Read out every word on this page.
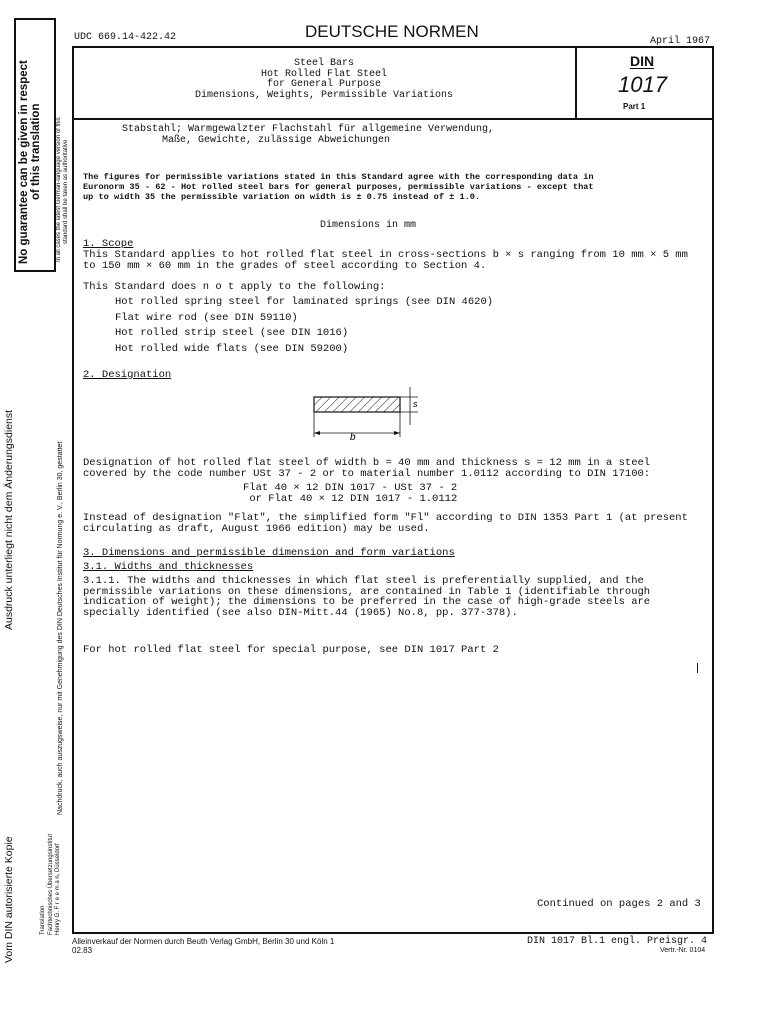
UDC 669.14-422.42	DEUTSCHE NORMEN
April 1967
Steel Bars
Hot Rolled Flat Steel
for General Purpose
Dimensions, Weights, Permissible Variations
DIN
1017
Part 1
Stabstahl; Warmgewalzter Flachstahl für allgemeine Verwendung,
Maße, Gewichte, zulässige Abweichungen
The figures for permissible variations stated in this Standard agree with the corresponding data in
Euronorm 35 - 62 - Hot rolled steel bars for general purposes, permissible variations - except that
up to width 35 the permissible variation on width is ± 0.75 instead of ± 1.0.
Dimensions in mm
1. Scope
This Standard applies to hot rolled flat steel in cross-sections b × s ranging from 10 mm × 5 mm
to 150 mm × 60 mm in the grades of steel according to Section 4.
This Standard does n o t apply to the following:
Hot rolled spring steel for laminated springs (see DIN 4620)
Flat wire rod (see DIN 59110)
Hot rolled strip steel (see DIN 1016)
Hot rolled wide flats (see DIN 59200)
2. Designation
b
s
Designation of hot rolled flat steel of width b = 40 mm and thickness s = 12 mm in a steel
covered by the code number USt 37 - 2 or to material number 1.0112 according to DIN 17100:
Flat 40 × 12 DIN 1017 - USt 37 - 2
or Flat 40 × 12 DIN 1017 - 1.0112
Instead of designation "Flat", the simplified form "Fl" according to DIN 1353 Part 1 (at present
circulating as draft, August 1966 edition) may be used.
3. Dimensions and permissible dimension and form variations
3.1. Widths and thicknesses
3.1.1. The widths and thicknesses in which flat steel is preferentially supplied, and the
permissible variations on these dimensions, are contained in Table 1 (identifiable through
indication of weight); the dimensions to be preferred in the case of high-grade steels are
specially identified (see also DIN-Mitt.44 (1965) No.8, pp. 377-378).
For hot rolled flat steel for special purpose, see DIN 1017 Part 2
Continued on pages 2 and 3
Alleinverkauf der Normen durch Beuth Verlag GmbH, Berlin 30 und Köln 1
02.83
DIN 1017 Bl.1 engl. Preisgr. 4
Vertr.-Nr. 0104
No guarantee can be given in respect of this translation In all cases the latest German-language version of this standard shall be taken as authoritative
Nachdruck, auch auszugsweise, nur mit Genehmigung des DIN Deutsches Institut für Normung e. V., Berlin 30, gestattet
Translation Fachtechnisches Übersetzungsinstitut Henry G. F r e e m a n, Düsseldorf
Ausdruck unterliegt nicht dem Änderungsdienst
Vom DIN autorisierte Kopie
